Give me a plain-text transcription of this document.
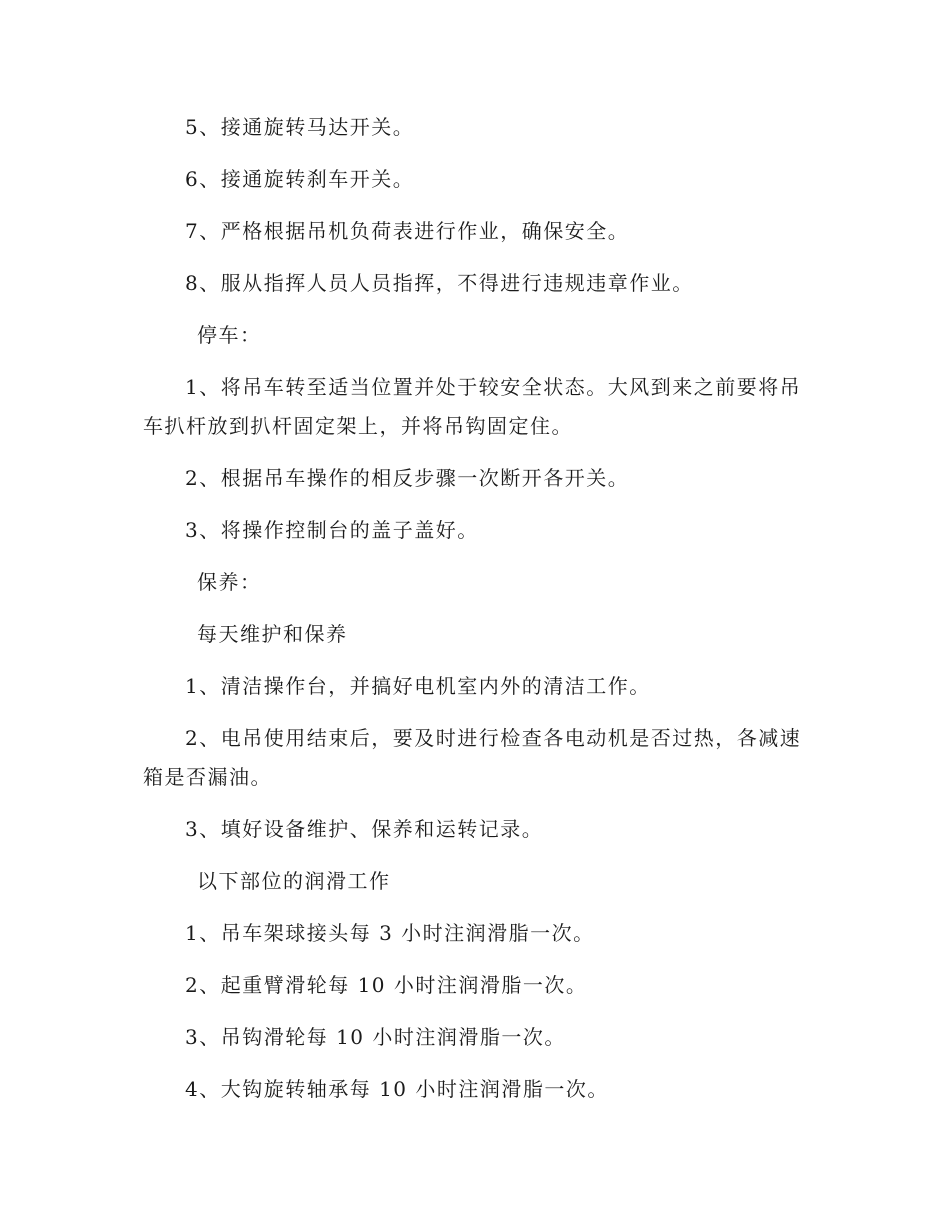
5、接通旋转马达开关。

6、接通旋转刹车开关。

7、严格根据吊机负荷表进行作业，确保安全。

8、服从指挥人员人员指挥，不得进行违规违章作业。

停车：

1、将吊车转至适当位置并处于较安全状态。大风到来之前要将吊车扒杆放到扒杆固定架上，并将吊钩固定住。

2、根据吊车操作的相反步骤一次断开各开关。

3、将操作控制台的盖子盖好。

保养：

每天维护和保养

1、清洁操作台，并搞好电机室内外的清洁工作。

2、电吊使用结束后，要及时进行检查各电动机是否过热，各减速箱是否漏油。

3、填好设备维护、保养和运转记录。

以下部位的润滑工作

1、吊车架球接头每 3 小时注润滑脂一次。

2、起重臂滑轮每 10 小时注润滑脂一次。

3、吊钩滑轮每 10 小时注润滑脂一次。

4、大钩旋转轴承每 10 小时注润滑脂一次。
